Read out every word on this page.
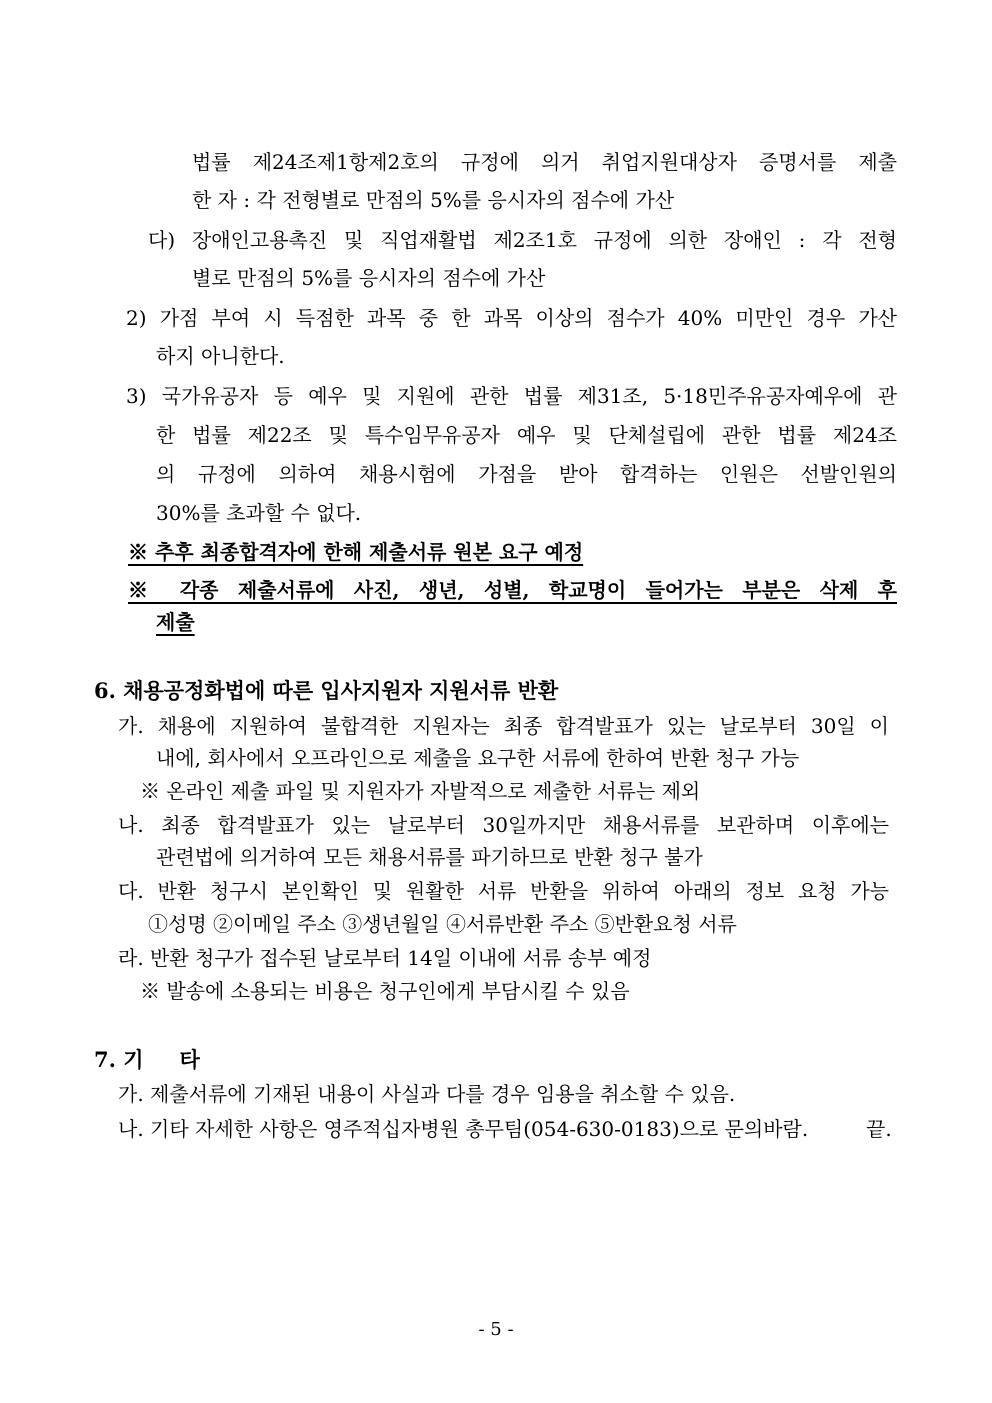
법률 제24조제1항제2호의 규정에 의거 취업지원대상자 증명서를 제출
한 자 : 각 전형별로 만점의 5%를 응시자의 점수에 가산
다) 장애인고용촉진 및 직업재활법 제2조1호 규정에 의한 장애인 : 각 전형
별로 만점의 5%를 응시자의 점수에 가산
2) 가점 부여 시 득점한 과목 중 한 과목 이상의 점수가 40% 미만인 경우 가산
하지 아니한다.
3) 국가유공자 등 예우 및 지원에 관한 법률 제31조, 5·18민주유공자예우에 관
한 법률 제22조 및 특수임무유공자 예우 및 단체설립에 관한 법률 제24조
의 규정에 의하여 채용시험에 가점을 받아 합격하는 인원은 선발인원의
30%를 초과할 수 없다.
※ 추후 최종합격자에 한해 제출서류 원본 요구 예정
※ 각종 제출서류에 사진, 생년, 성별, 학교명이 들어가는 부분은 삭제 후
제출
6. 채용공정화법에 따른 입사지원자 지원서류 반환
가. 채용에 지원하여 불합격한 지원자는 최종 합격발표가 있는 날로부터 30일 이
내에, 회사에서 오프라인으로 제출을 요구한 서류에 한하여 반환 청구 가능
※ 온라인 제출 파일 및 지원자가 자발적으로 제출한 서류는 제외
나. 최종 합격발표가 있는 날로부터 30일까지만 채용서류를 보관하며 이후에는
관련법에 의거하여 모든 채용서류를 파기하므로 반환 청구 불가
다. 반환 청구시 본인확인 및 원활한 서류 반환을 위하여 아래의 정보 요청 가능
①성명 ②이메일 주소 ③생년월일 ④서류반환 주소 ⑤반환요청 서류
라. 반환 청구가 접수된 날로부터 14일 이내에 서류 송부 예정
※ 발송에 소용되는 비용은 청구인에게 부담시킬 수 있음
7. 기 타
가. 제출서류에 기재된 내용이 사실과 다를 경우 임용을 취소할 수 있음.
나. 기타 자세한 사항은 영주적십자병원 총무팀(054-630-0183)으로 문의바람.	끝.
- 5 -
